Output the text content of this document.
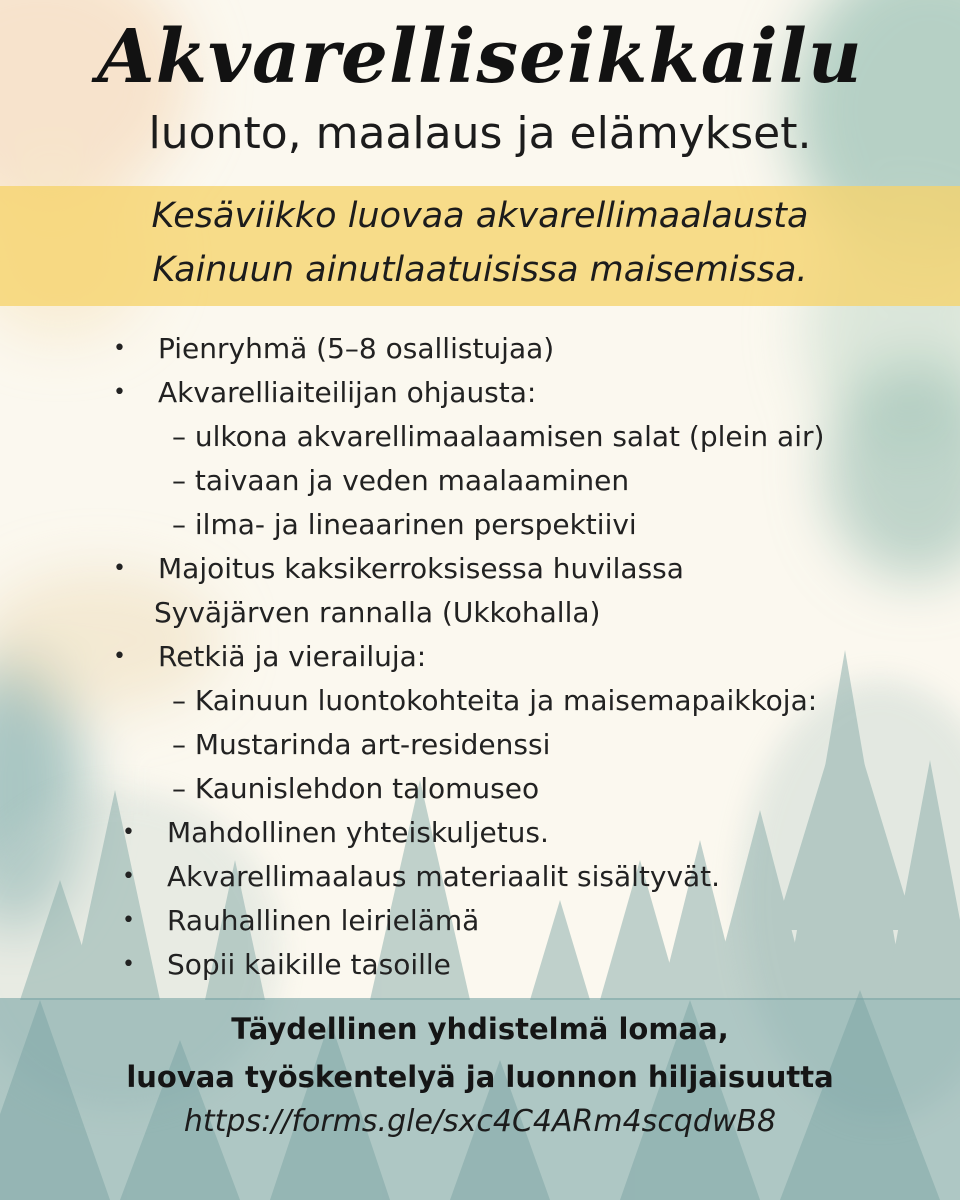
Akvarelliseikkailu
luonto, maalaus ja elämykset.
Kesäviikko luovaa akvarellimaalausta
Kainuun ainutlaatuisissa maisemissa.
• Pienryhmä (5–8 osallistujaa)
• Akvarelliaiteilijan ohjausta:
– ulkona akvarellimaalaamisen salat (plein air)
– taivaan ja veden maalaaminen
– ilma- ja lineaarinen perspektiivi
• Majoitus kaksikerroksisessa huvilassa
Syväjärven rannalla (Ukkohalla)
• Retkiä ja vierailuja:
– Kainuun luontokohteita ja maisemapaikkoja:
– Mustarinda art-residenssi
– Kaunislehdon talomuseo
• Mahdollinen yhteiskuljetus.
• Akvarellimaalaus materiaalit sisältyvät.
• Rauhallinen leirielämä
• Sopii kaikille tasoille
Täydellinen yhdistelmä lomaa,
luovaa työskentelyä ja luonnon hiljaisuutta
https://forms.gle/sxc4C4ARm4scqdwB8
